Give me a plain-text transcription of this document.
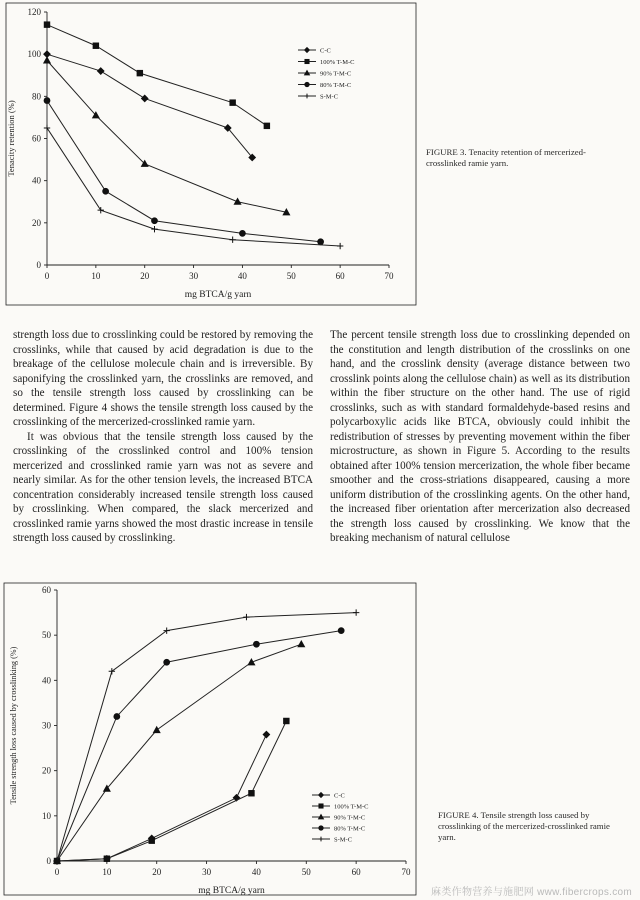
0	10	20	30	40	50	60	70
0
20
40
60
80
100
120
C-C
100% T-M-C
90% T-M-C
80% T-M-C
S-M-C
Tenacity retention (%)
mg BTCA/g yarn
FIGURE 3. Tenacity retention of mercerized-crosslinked ramie yarn.

strength loss due to crosslinking could be restored by removing the crosslinks, while that caused by acid degradation is due to the breakage of the cellulose molecule chain and is irreversible. By saponifying the crosslinked yarn, the crosslinks are removed, and so the tensile strength loss caused by crosslinking can be determined. Figure 4 shows the tensile strength loss caused by the crosslinking of the mercerized-crosslinked ramie yarn.

It was obvious that the tensile strength loss caused by the crosslinking of the crosslinked control and 100% tension mercerized and crosslinked ramie yarn was not as severe and nearly similar. As for the other tension levels, the increased BTCA concentration considerably increased tensile strength loss caused by crosslinking. When compared, the slack mercerized and crosslinked ramie yarns showed the most drastic increase in tensile strength loss caused by crosslinking.

The percent tensile strength loss due to crosslinking depended on the constitution and length distribution of the crosslinks on one hand, and the crosslink density (average distance between two crosslink points along the cellulose chain) as well as its distribution within the fiber structure on the other hand. The use of rigid crosslinks, such as with standard formaldehyde-based resins and polycarboxylic acids like BTCA, obviously could inhibit the redistribution of stresses by preventing movement within the fiber microstructure, as shown in Figure 5. According to the results obtained after 100% tension mercerization, the whole fiber became smoother and the cross-striations disappeared, causing a more uniform distribution of the crosslinking agents. On the other hand, the increased fiber orientation after mercerization also decreased the strength loss caused by crosslinking. We know that the breaking mechanism of natural cellulose

0	10	20	30	40	50	60	70
0
10
20
30
40
50
60
C-C
100% T-M-C
90% T-M-C
80% T-M-C
S-M-C
Tensile strength loss caused by crosslinking (%)
mg BTCA/g yarn
FIGURE 4. Tensile strength loss caused by crosslinking of the mercerized-crosslinked ramie yarn.
麻类作物营养与施肥网 www.fibercrops.com
